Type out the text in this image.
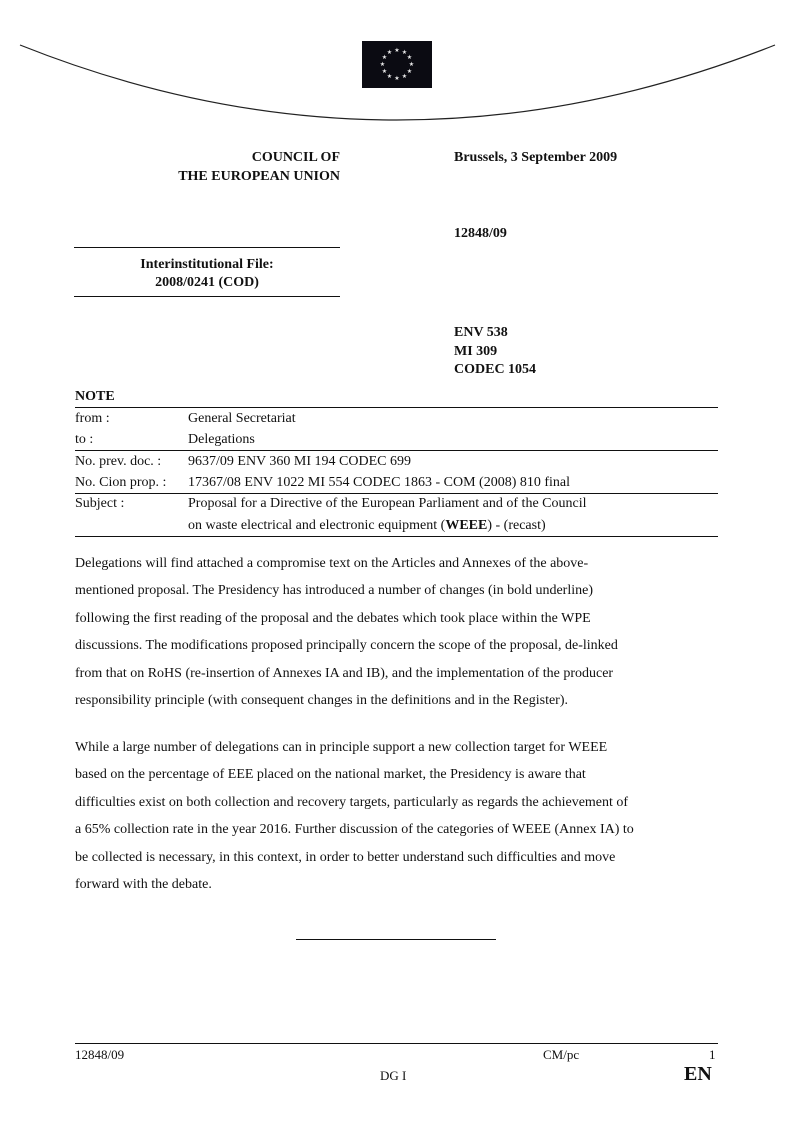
★ ★
★
★
★
★
★
★
★
★
★
★
COUNCIL OF
THE EUROPEAN UNION
Brussels, 3 September 2009
12848/09
ENV 538
MI 309
CODEC 1054
Interinstitutional File:
2008/0241 (COD)
NOTE
from :	General Secretariat
to :	Delegations
No. prev. doc. : 9637/09 ENV 360 MI 194 CODEC 699
No. Cion prop. : 17367/08 ENV 1022 MI 554 CODEC 1863 - COM (2008) 810 final
Subject :	Proposal for a Directive of the European Parliament and of the Council
on waste electrical and electronic equipment (WEEE) - (recast)
Delegations will find attached a compromise text on the Articles and Annexes of the above-
mentioned proposal. The Presidency has introduced a number of changes (in bold underline)
following the first reading of the proposal and the debates which took place within the WPE
discussions. The modifications proposed principally concern the scope of the proposal, de-linked
from that on RoHS (re-insertion of Annexes IA and IB), and the implementation of the producer
responsibility principle (with consequent changes in the definitions and in the Register).
While a large number of delegations can in principle support a new collection target for WEEE
based on the percentage of EEE placed on the national market, the Presidency is aware that
difficulties exist on both collection and recovery targets, particularly as regards the achievement of
a 65% collection rate in the year 2016. Further discussion of the categories of WEEE (Annex IA) to
be collected is necessary, in this context, in order to better understand such difficulties and move
forward with the debate.
12848/09	CM/pc	1
DG I	EN
